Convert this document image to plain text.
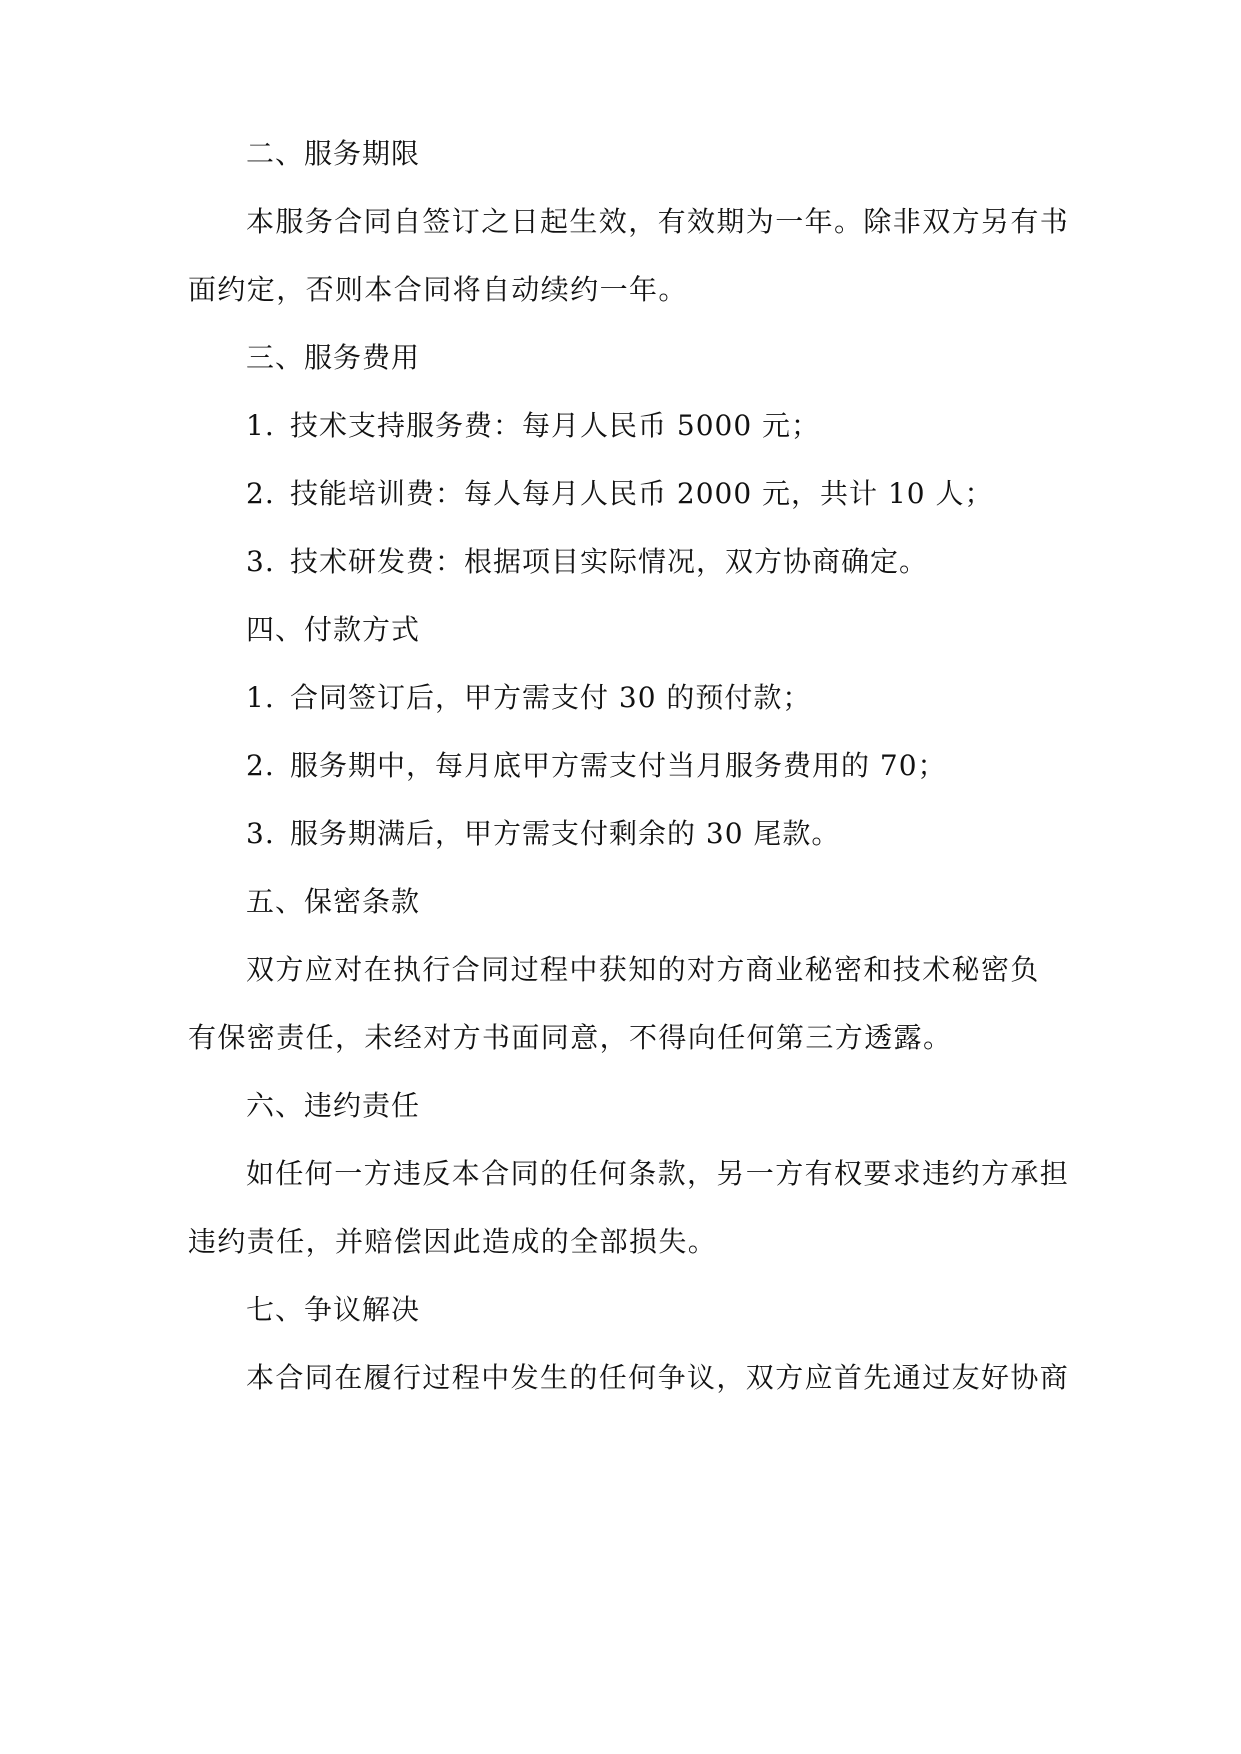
二、服务期限
本服务合同自签订之日起生效，有效期为一年。除非双方另有书
面约定，否则本合同将自动续约一年。
三、服务费用
1. 技术支持服务费：每月人民币 5000 元；
2. 技能培训费：每人每月人民币 2000 元，共计 10 人；
3. 技术研发费：根据项目实际情况，双方协商确定。
四、付款方式
1. 合同签订后，甲方需支付 30 的预付款；
2. 服务期中，每月底甲方需支付当月服务费用的 70；
3. 服务期满后，甲方需支付剩余的 30 尾款。
五、保密条款
双方应对在执行合同过程中获知的对方商业秘密和技术秘密负
有保密责任，未经对方书面同意，不得向任何第三方透露。
六、违约责任
如任何一方违反本合同的任何条款，另一方有权要求违约方承担
违约责任，并赔偿因此造成的全部损失。
七、争议解决
本合同在履行过程中发生的任何争议，双方应首先通过友好协商
